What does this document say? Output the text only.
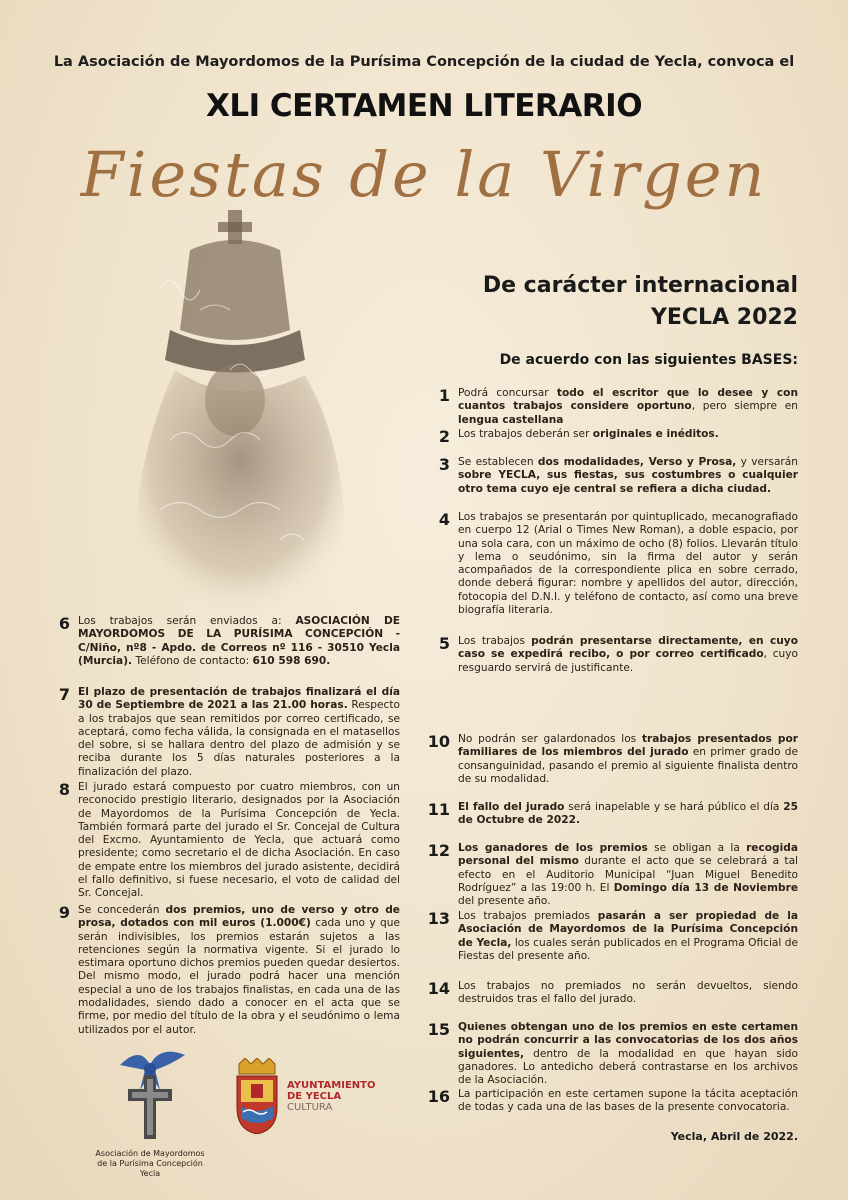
La Asociación de Mayordomos de la Purísima Concepción de la ciudad de Yecla, convoca el
XLI CERTAMEN LITERARIO
Fiestas de la Virgen
De carácter internacional
YECLA 2022
De acuerdo con las siguientes BASES:
1 Podrá concursar todo el escritor que lo desee y con cuantos trabajos considere oportuno, pero siempre en lengua castellana
2 Los trabajos deberán ser originales e inéditos.
3 Se establecen dos modalidades, Verso y Prosa, y versarán sobre YECLA, sus fiestas, sus costumbres o cualquier otro tema cuyo eje central se refiera a dicha ciudad.
4 Los trabajos se presentarán por quintuplicado, mecanografiado en cuerpo 12 (Arial o Times New Roman), a doble espacio, por una sola cara, con un máximo de ocho (8) folios. Llevarán título y lema o seudónimo, sin la firma del autor y serán acompañados de la correspondiente plica en sobre cerrado, donde deberá figurar: nombre y apellidos del autor, dirección, fotocopia del D.N.I. y teléfono de contacto, así como una breve biografía literaria.
5 Los trabajos podrán presentarse directamente, en cuyo caso se expedirá recibo, o por correo certificado, cuyo resguardo servirá de justificante.
10 No podrán ser galardonados los trabajos presentados por familiares de los miembros del jurado en primer grado de consanguinidad, pasando el premio al siguiente finalista dentro de su modalidad.
11 El fallo del jurado será inapelable y se hará público el día 25 de Octubre de 2022.
12 Los ganadores de los premios se obligan a la recogida personal del mismo durante el acto que se celebrará a tal efecto en el Auditorio Municipal “Juan Miguel Benedito Rodríguez” a las 19:00 h. El Domingo día 13 de Noviembre del presente año.
13 Los trabajos premiados pasarán a ser propiedad de la Asociación de Mayordomos de la Purísima Concepción de Yecla, los cuales serán publicados en el Programa Oficial de Fiestas del presente año.
14 Los trabajos no premiados no serán devueltos, siendo destruidos tras el fallo del jurado.
15 Quienes obtengan uno de los premios en este certamen no podrán concurrir a las convocatorias de los dos años siguientes, dentro de la modalidad en que hayan sido ganadores. Lo antedicho deberá contrastarse en los archivos de la Asociación.
16 La participación en este certamen supone la tácita aceptación de todas y cada una de las bases de la presente convocatoria.
6 Los trabajos serán enviados a: ASOCIACIÓN DE MAYORDOMOS DE LA PURÍSIMA CONCEPCIÓN - C/Niño, nº8 - Apdo. de Correos nº 116 - 30510 Yecla (Murcia). Teléfono de contacto: 610 598 690.
7 El plazo de presentación de trabajos finalizará el día 30 de Septiembre de 2021 a las 21.00 horas. Respecto a los trabajos que sean remitidos por correo certificado, se aceptará, como fecha válida, la consignada en el matasellos del sobre, si se hallara dentro del plazo de admisión y se reciba durante los 5 días naturales posteriores a la finalización del plazo.
8 El jurado estará compuesto por cuatro miembros, con un reconocido prestigio literario, designados por la Asociación de Mayordomos de la Purísima Concepción de Yecla. También formará parte del jurado el Sr. Concejal de Cultura del Excmo. Ayuntamiento de Yecla, que actuará como presidente; como secretario el de dicha Asociación. En caso de empate entre los miembros del jurado asistente, decidirá el fallo definitivo, si fuese necesario, el voto de calidad del Sr. Concejal.
9 Se concederán dos premios, uno de verso y otro de prosa, dotados con mil euros (1.000€) cada uno y que serán indivisibles, los premios estarán sujetos a las retenciones según la normativa vigente. Si el jurado lo estimara oportuno dichos premios pueden quedar desiertos. Del mismo modo, el jurado podrá hacer una mención especial a uno de los trabajos finalistas, en cada una de las modalidades, siendo dado a conocer en el acta que se firme, por medio del título de la obra y el seudónimo o lema utilizados por el autor.
Yecla, Abril de 2022.
Asociación de Mayordomos
de la Purísima Concepción
Yecla
AYUNTAMIENTO
DE YECLA
CULTURA
